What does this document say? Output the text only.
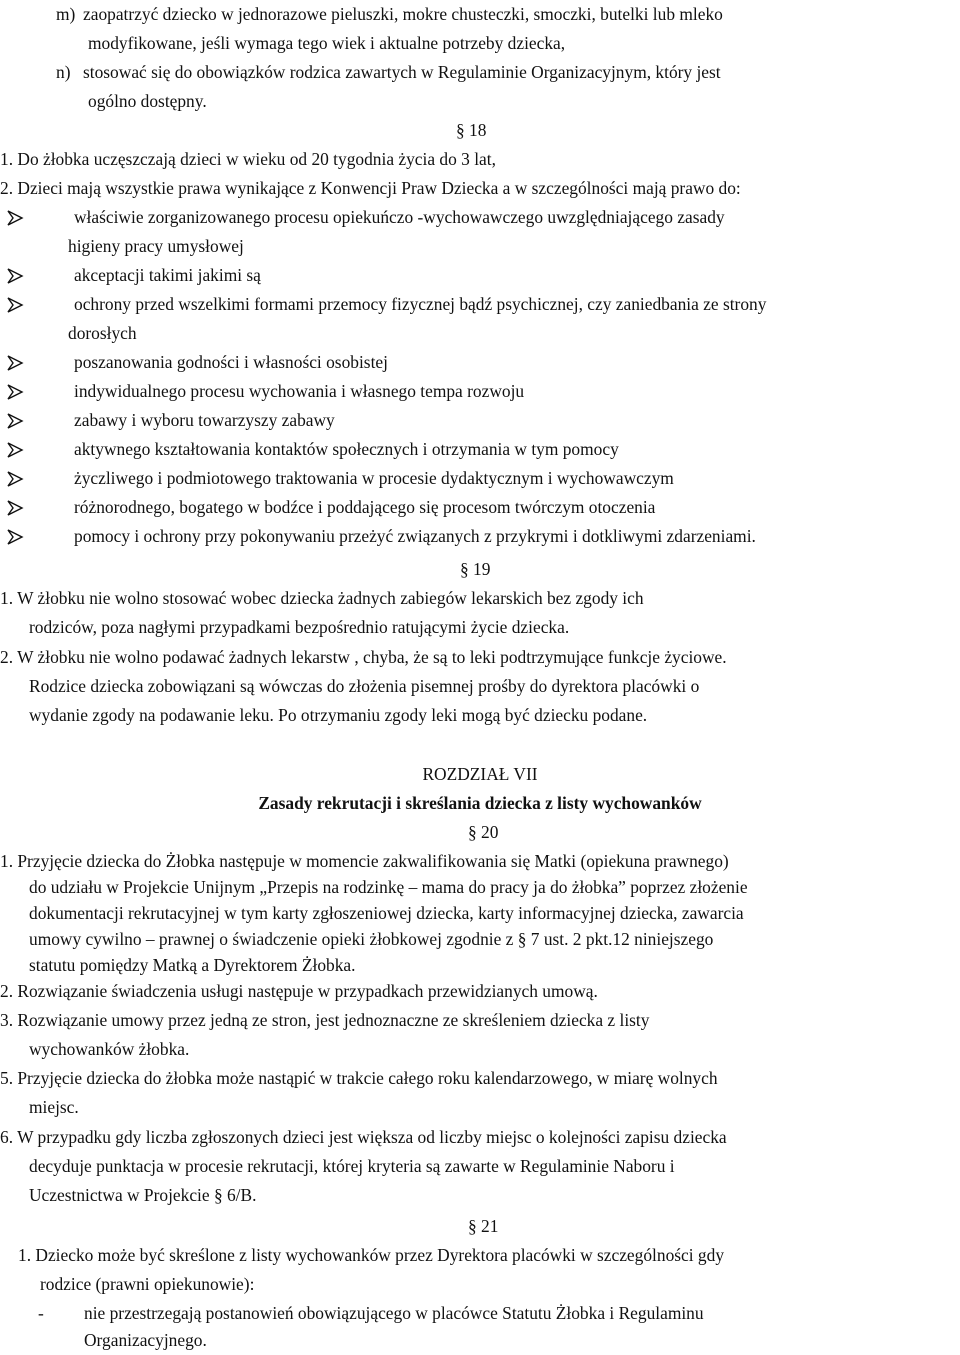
m) zaopatrzyć dziecko w jednorazowe pieluszki, mokre chusteczki, smoczki, butelki lub mleko
modyfikowane, jeśli wymaga tego wiek i aktualne potrzeby dziecka,
n) stosować się do obowiązków rodzica zawartych w Regulaminie Organizacyjnym, który jest
ogólno dostępny.
§ 18
1. Do żłobka uczęszczają dzieci w wieku od 20 tygodnia życia do 3 lat,
2. Dzieci mają wszystkie prawa wynikające z Konwencji Praw Dziecka a w szczególności mają prawo do:
właściwie zorganizowanego procesu opiekuńczo -wychowawczego uwzględniającego zasady
higieny pracy umysłowej
akceptacji takimi jakimi są
ochrony przed wszelkimi formami przemocy fizycznej bądź psychicznej, czy zaniedbania ze strony
dorosłych
poszanowania godności i własności osobistej
indywidualnego procesu wychowania i własnego tempa rozwoju
zabawy i wyboru towarzyszy zabawy
aktywnego kształtowania kontaktów społecznych i otrzymania w tym pomocy
życzliwego i podmiotowego traktowania w procesie dydaktycznym i wychowawczym
różnorodnego, bogatego w bodźce i poddającego się procesom twórczym otoczenia
pomocy i ochrony przy pokonywaniu przeżyć związanych z przykrymi i dotkliwymi zdarzeniami.
§ 19
1. W żłobku nie wolno stosować wobec dziecka żadnych zabiegów lekarskich bez zgody ich
rodziców, poza nagłymi przypadkami bezpośrednio ratującymi życie dziecka.
2. W żłobku nie wolno podawać żadnych lekarstw , chyba, że są to leki podtrzymujące funkcje życiowe.
Rodzice dziecka zobowiązani są wówczas do złożenia pisemnej prośby do dyrektora placówki o
wydanie zgody na podawanie leku. Po otrzymaniu zgody leki mogą być dziecku podane.
ROZDZIAŁ VII
Zasady rekrutacji i skreślania dziecka z listy wychowanków
§ 20
1. Przyjęcie dziecka do Żłobka następuje w momencie zakwalifikowania się Matki (opiekuna prawnego)
do udziału w Projekcie Unijnym „Przepis na rodzinkę – mama do pracy ja do żłobka” poprzez złożenie
dokumentacji rekrutacyjnej w tym karty zgłoszeniowej dziecka, karty informacyjnej dziecka, zawarcia
umowy cywilno – prawnej o świadczenie opieki żłobkowej zgodnie z § 7 ust. 2 pkt.12 niniejszego
statutu pomiędzy Matką a Dyrektorem Żłobka.
2. Rozwiązanie świadczenia usługi następuje w przypadkach przewidzianych umową.
3. Rozwiązanie umowy przez jedną ze stron, jest jednoznaczne ze skreśleniem dziecka z listy
wychowanków żłobka.
5. Przyjęcie dziecka do żłobka może nastąpić w trakcie całego roku kalendarzowego, w miarę wolnych
miejsc.
6. W przypadku gdy liczba zgłoszonych dzieci jest większa od liczby miejsc o kolejności zapisu dziecka
decyduje punktacja w procesie rekrutacji, której kryteria są zawarte w Regulaminie Naboru i
Uczestnictwa w Projekcie § 6/B.
§ 21
1. Dziecko może być skreślone z listy wychowanków przez Dyrektora placówki w szczególności gdy
rodzice (prawni opiekunowie):
- nie przestrzegają postanowień obowiązującego w placówce Statutu Żłobka i Regulaminu
Organizacyjnego.
